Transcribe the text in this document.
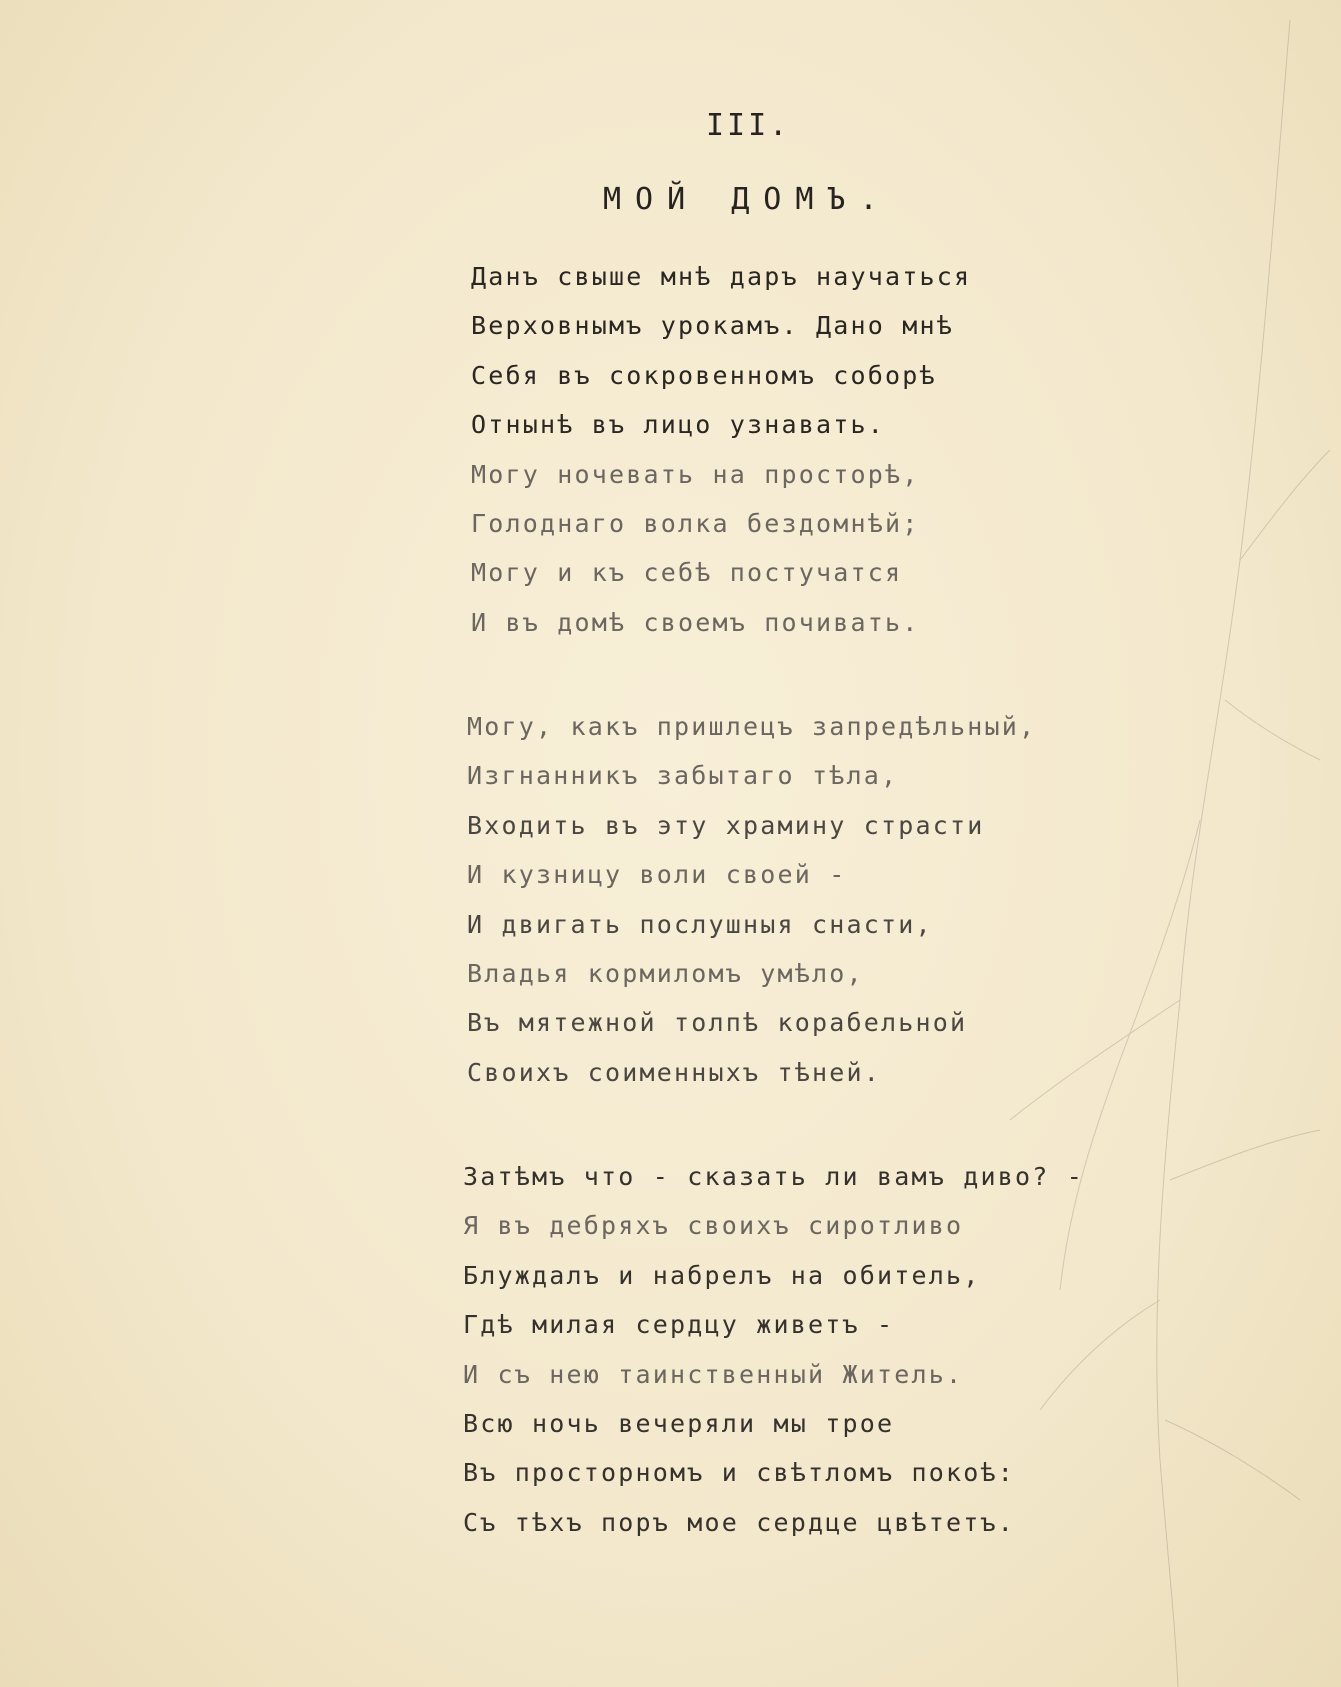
III.
МОЙ ДОМЪ.
Данъ свыше мнѣ даръ научаться
Верховнымъ урокамъ. Дано мнѣ
Себя въ сокровенномъ соборѣ
Отнынѣ въ лицо узнавать.
Могу ночевать на просторѣ,
Голоднаго волка бездомнѣй;
Могу и къ себѣ постучатся
И въ домѣ своемъ почивать.
Могу, какъ пришлецъ запредѣльный,
Изгнанникъ забытаго тѣла,
Входить въ эту храмину страсти
И кузницу воли своей -
И двигать послушныя снасти,
Владья кормиломъ умѣло,
Въ мятежной толпѣ корабельной
Своихъ соименныхъ тѣней.
Затѣмъ что - сказать ли вамъ диво? -
Я въ дебряхъ своихъ сиротливо
Блуждалъ и набрелъ на обитель,
Гдѣ милая сердцу живетъ -
И съ нею таинственный Житель.
Всю ночь вечеряли мы трое
Въ просторномъ и свѣтломъ покоѣ:
Съ тѣхъ поръ мое сердце цвѣтетъ.
